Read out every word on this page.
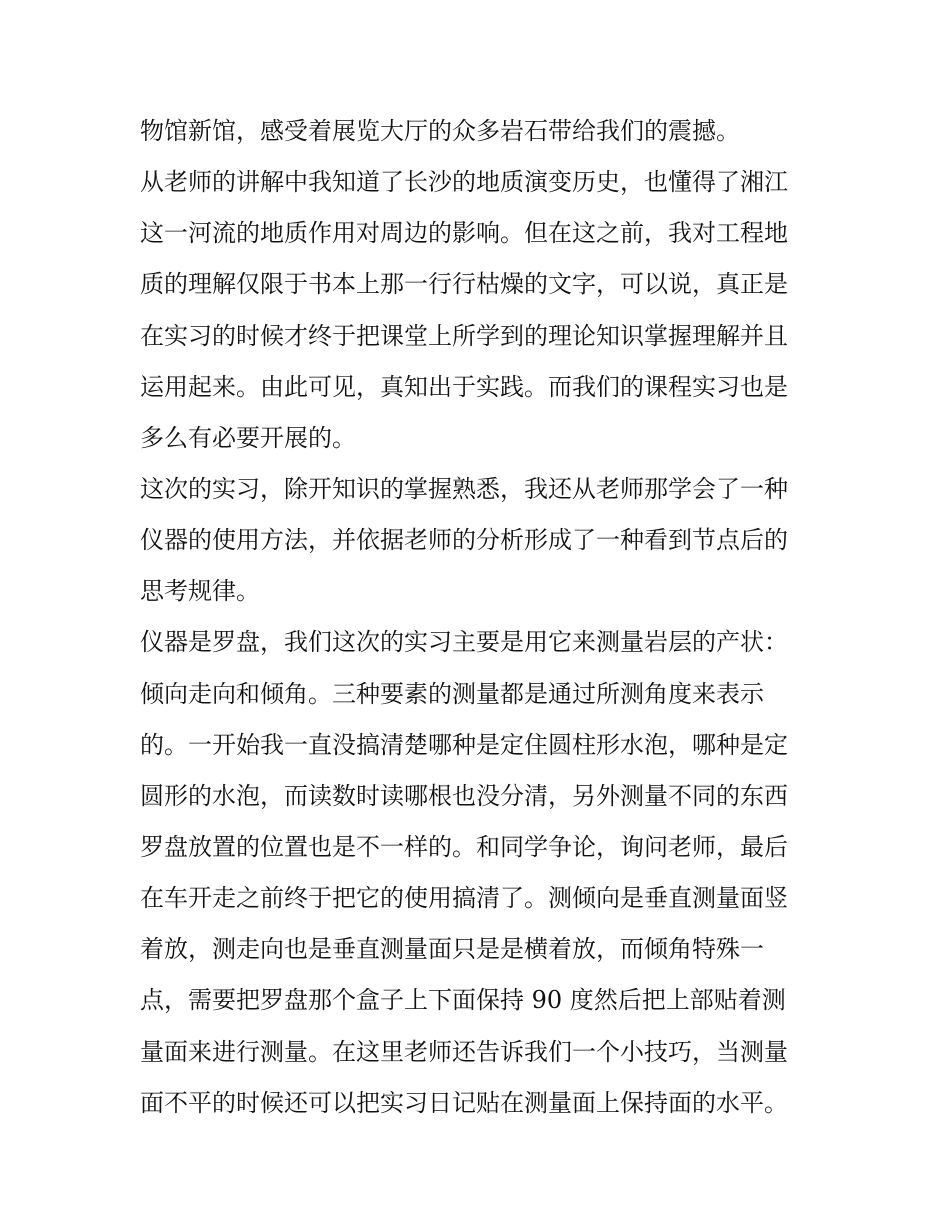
物馆新馆，感受着展览大厅的众多岩石带给我们的震撼。
从老师的讲解中我知道了长沙的地质演变历史，也懂得了湘江
这一河流的地质作用对周边的影响。但在这之前，我对工程地
质的理解仅限于书本上那一行行枯燥的文字，可以说，真正是
在实习的时候才终于把课堂上所学到的理论知识掌握理解并且
运用起来。由此可见，真知出于实践。而我们的课程实习也是
多么有必要开展的。
这次的实习，除开知识的掌握熟悉，我还从老师那学会了一种
仪器的使用方法，并依据老师的分析形成了一种看到节点后的
思考规律。
仪器是罗盘，我们这次的实习主要是用它来测量岩层的产状：
倾向走向和倾角。三种要素的测量都是通过所测角度来表示
的。一开始我一直没搞清楚哪种是定住圆柱形水泡，哪种是定
圆形的水泡，而读数时读哪根也没分清，另外测量不同的东西
罗盘放置的位置也是不一样的。和同学争论，询问老师，最后
在车开走之前终于把它的使用搞清了。测倾向是垂直测量面竖
着放，测走向也是垂直测量面只是是横着放，而倾角特殊一
点，需要把罗盘那个盒子上下面保持 90 度然后把上部贴着测
量面来进行测量。在这里老师还告诉我们一个小技巧，当测量
面不平的时候还可以把实习日记贴在测量面上保持面的水平。
